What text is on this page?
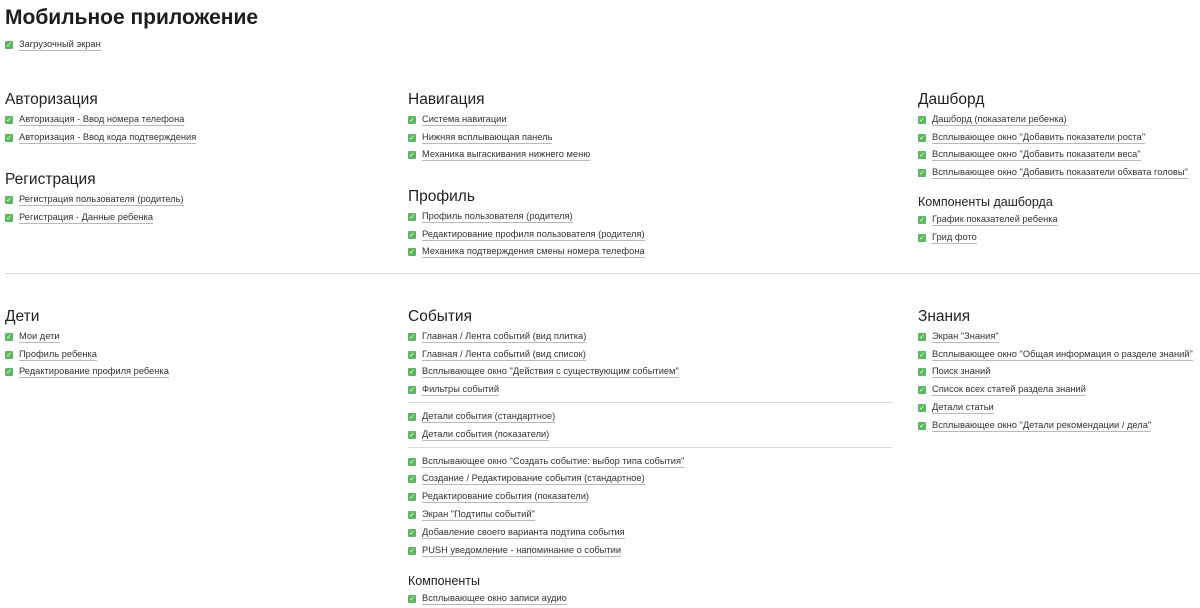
Мобильное приложение
✓ Загрузочный экран
Авторизация
✓ Авторизация - Ввод номера телефона
✓ Авторизация - Ввод кода подтверждения
Регистрация
✓ Регистрация пользователя (родитель)
✓ Регистрация - Данные ребенка
Навигация
✓ Система навигации
✓ Нижняя всплывающая панель
✓ Механика выгаскивания нижнего меню
Профиль
✓ Профиль пользователя (родителя)
✓ Редактирование профиля пользователя (родителя)
✓ Механика подтверждения смены номера телефона
Дашборд
✓ Дашборд (показатели ребенка)
✓ Всплывающее окно "Добавить показатели роста"
✓ Всплывающее окно "Добавить показатели веса"
✓ Всплывающее окно "Добавить показатели обхвата головы"
Компоненты дашборда
✓ График показателей ребенка
✓ Грид фото
Дети
✓ Мои дети
✓ Профиль ребенка
✓ Редактирование профиля ребенка
События
✓ Главная / Лента событий (вид плитка)
✓ Главная / Лента событий (вид список)
✓ Всплывающее окно "Действия с существующим событием"
✓ Фильтры событий
✓ Детали события (стандартное)
✓ Детали события (показатели)
✓ Всплывающее окно "Создать событие: выбор типа события"
✓ Создание / Редактирование события (стандартное)
✓ Редактирование события (показатели)
✓ Экран "Подтипы событий"
✓ Добавление своего варианта подтипа события
✓ PUSH уведомление - напоминание о событии
Компоненты
✓ Всплывающее окно записи аудио
Знания
✓ Экран "Знания"
✓ Всплывающее окно "Общая информация о разделе знаний"
✓ Поиск знаний
✓ Список всех статей раздела знаний
✓ Детали статьи
✓ Всплывающее окно "Детали рекомендации / дела"
